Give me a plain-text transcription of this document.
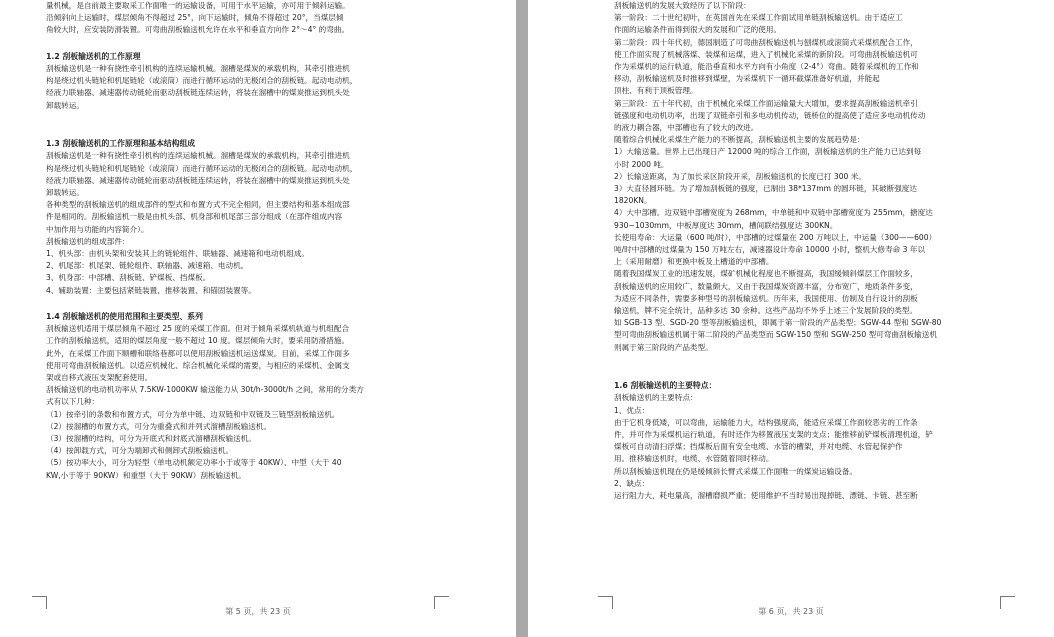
量机械，是自前最主要取采工作面唯一的运输设备，可用于水平运输，亦可用于倾斜运输。
沿倾斜向上运输时，煤层倾角不得超过 25°，向下运输时，倾角不得超过 20°，当煤层倾
角较大时，应安装防滑装置。可弯曲刮板输送机允许在水平和垂直方向作 2°～4° 的弯曲。
1.2 刮板输送机的工作原理
刮板输送机是一种有挠性牵引机构的连续运输机械。溜槽是煤炭的承载机构，其牵引推进机
构是绕过机头链轮和机尾链轮（或滚筒）而进行循环运动的无极闭合的刮板链。起动电动机，
经液力联轴器、减速器传动链轮而驱动刮板链连续运转，将装在溜槽中的煤炭推运到机头处
卸载转运。
1.3 刮板输送机的工作原理和基本结构组成
刮板输送机是一种有挠性牵引机构的连续运输机械。溜槽是煤炭的承载机构，其牵引推进机
构是绕过机头链轮和机尾链轮（或滚筒）而进行循环运动的无极闭合的刮板链。起动电动机，
经液力联轴器、减速器传动链轮而驱动刮板链连续运转，将装在溜槽中的煤炭推运到机头处
卸载转运。
各种类型的刮板输送机的组成部件的型式和布置方式不完全相同，但主要结构和基本组成部
件是相同的。刮板输送机一般是由机头部、机身部和机尾部三部分组成（在部件组成内容
中加作用与功能的内容简介）。
刮板输送机的组成部件：
1、机头部：由机头架和安装其上的链轮组件、联轴器、减速箱和电动机组成。
2、机尾部：机尾架、链轮组件、联轴器、减速箱、电动机。
3、机身部：中部槽、刮板链、铲煤板、挡煤板。
4、辅助装置：主要包括紧链装置、推移装置、和锚固装置等。
1.4 刮板输送机的使用范围和主要类型、系列
刮板输送机适用于煤层倾角不超过 25 度的采煤工作面。但对于倾角采煤机轨道与机组配合
工作的刮板输送机，适用的煤层角度一般不超过 10 度。煤层倾角大时，要采用防滑措施。
此外，在采煤工作面下顺槽和联络巷都可以使用刮板输送机运送煤炭。目前，采煤工作面多
使用可弯曲刮板输送机。以适应机械化、综合机械化采煤的需要，与相应的采煤机、金属支
架或自移式液压支架配套使用。
刮板输送机的电动机功率从 7.5KW-1000KW 输送能力从 30t/h-3000t/h 之间，常用的分类方
式有以下几种：
（1）按牵引的条数和布置方式，可分为单中链、边双链和中双链及三链型刮板输送机。
（2）按溜槽的布置方式，可分为重叠式和并列式溜槽刮板输送机。
（3）按溜槽的结构，可分为开底式和封底式溜槽刮板输送机。
（4）按卸载方式，可分为端卸式和侧卸式刮板输送机。
（5）按功率大小，可分为轻型（单电动机额定功率小于或等于 40KW）、中型（大于 40
KW,小于等于 90KW）和重型（大于 90KW）刮板输送机。
第 5 页，共 23 页
刮板输送机的发展大致经历了以下阶段：
第一阶段：二十世纪初叶，在英国首先在采煤工作面试用单链刮板输送机。由于适应工
作面的运输条件而得到很大的发展和广泛的使用。
第二阶段：四十年代初，德国制造了可弯曲刮板输送机与刨煤机或滚筒式采煤机配合工作，
使工作面实现了机械落煤、装煤和运煤，进入了机械化采煤的新阶段。可弯曲刮板输送机可
作为采煤机的运行轨道，能沿垂直和水平方向有小角度（2-4°）弯曲。随着采煤机的工作和
移动，刮板输送机及时推移到煤壁，为采煤机下一循环截煤准备好机道，并能起
顶柱、有利于顶板管理。
第三阶段：五十年代初，由于机械化采煤工作面运输量大大增加，要求提高刮板输送机牵引
链强度和电动机功率，出现了双链牵引和多电动机传动，链桥位的提高使了适应多电动机传动
的液力耦合器，中部槽也有了较大的改进。
随着综合机械化采煤生产能力的不断提高，刮板输送机主要的发展趋势是：
1）大输送量。世界上已出现日产 12000 吨的综合工作面，刮板输送机的生产能力已达到每
小时 2000 吨。
2）长输送距离，为了加长采区阶段开采，刮板输送机的长度已打 300 米。
3）大直径圆环链。为了增加刮板链的强度，已制出 38*137mm 的圆环链，其破断强度达
1820KN。
4）大中部槽。边双链中部槽宽度为 268mm，中单链和中双链中部槽宽度为 255mm，搪度达
930~1030mm，中板厚度达 30mm，槽间联结强度达 300KN。
长使用寿命：大运量（600 吨/时），中部槽的过煤量在 200 万吨以上，中运量（300——600）
吨/时中部槽的过煤量为 150 万吨左右，减速器设计寿命 10000 小时，整机大修寿命 3 年以
上（采用耐磨）和更换中板及上槽道的中部槽。
随着我国煤炭工业的迅速发展，煤矿机械化程度也不断提高，我国缓倾斜煤层工作面较多，
刮板输送机的应用较广、数量颇大，又由于我国煤炭资源丰富，分布宽广，地质条件多变，
为适应不同条件，需要多种型号的刮板输送机。历年来，我国使用、仿制及自行设计的刮板
输送机，牌不完全统计，品种多达 30 余种。这些产品均不外乎上述三个发展阶段的类型。
如 SGB-13 型、SGD-20 型等刮板输送机，即属于第一阶段的产品类型；SGW-44 型和 SGW-80
型可弯曲刮板输送机属于第二阶段的产品类型而 SGW-150 型和 SGW-250 型可弯曲刮板输送机
则属于第三阶段的产品类型。
1.6 刮板输送机的主要特点：
刮板输送机的主要特点：
1、优点：
由于它机身低矮，可以弯曲，运输能力大，结构强度高，能适应采煤工作面较恶劣的工作条
件，并可作为采煤机运行轨道，有时还作为移置液压支架的支点；能推移前铲煤板清理机道，铲
煤板可自动清扫浮煤；挡煤板后面有安全电缆、水管的槽架，并对电缆、水管起保护作
用。推移输送机时，电缆、水管随着同时移动。
所以刮板输送机现在仍是缓倾斜长臂式采煤工作面唯一的煤炭运输设备。
2、缺点：
运行阻力大，耗电量高，溜槽磨损严重；使用维护不当时易出现掉链、漂链、卡链、甚至断
第 6 页，共 23 页
